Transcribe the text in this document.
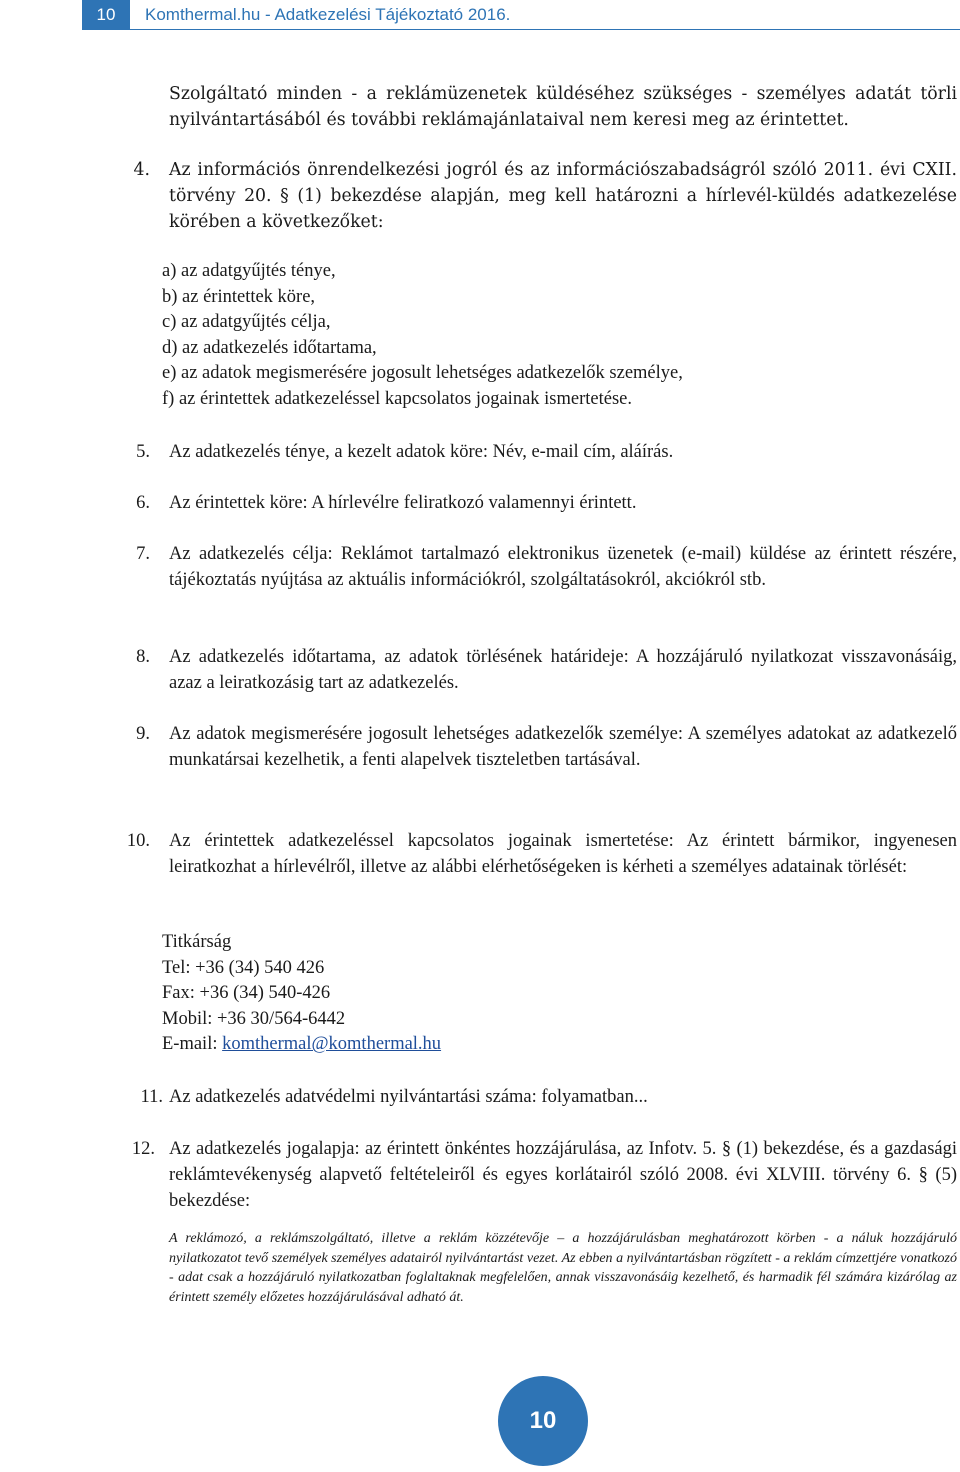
10	Komthermal.hu - Adatkezelési Tájékoztató 2016.
Szolgáltató minden - a reklámüzenetek küldéséhez szükséges - személyes adatát törli nyilvántartásából és további reklámajánlataival nem keresi meg az érintettet.
4. Az információs önrendelkezési jogról és az információszabadságról szóló 2011. évi CXII. törvény 20. § (1) bekezdése alapján, meg kell határozni a hírlevél-küldés adatkezelése körében a következőket:
a) az adatgyűjtés ténye,
b) az érintettek köre,
c) az adatgyűjtés célja,
d) az adatkezelés időtartama,
e) az adatok megismerésére jogosult lehetséges adatkezelők személye,
f) az érintettek adatkezeléssel kapcsolatos jogainak ismertetése.
5. Az adatkezelés ténye, a kezelt adatok köre: Név, e-mail cím, aláírás.
6. Az érintettek köre: A hírlevélre feliratkozó valamennyi érintett.
7. Az adatkezelés célja: Reklámot tartalmazó elektronikus üzenetek (e-mail) küldése az érintett részére, tájékoztatás nyújtása az aktuális információkról, szolgáltatásokról, akciókról stb.
8. Az adatkezelés időtartama, az adatok törlésének határideje: A hozzájáruló nyilatkozat visszavonásáig, azaz a leiratkozásig tart az adatkezelés.
9. Az adatok megismerésére jogosult lehetséges adatkezelők személye: A személyes adatokat az adatkezelő munkatársai kezelhetik, a fenti alapelvek tiszteletben tartásával.
10. Az érintettek adatkezeléssel kapcsolatos jogainak ismertetése: Az érintett bármikor, ingyenesen leiratkozhat a hírlevélről, illetve az alábbi elérhetőségeken is kérheti a személyes adatainak törlését:
Titkárság
Tel: +36 (34) 540 426
Fax: +36 (34) 540-426
Mobil: +36 30/564-6442
E-mail: komthermal@komthermal.hu
11. Az adatkezelés adatvédelmi nyilvántartási száma: folyamatban...
12. Az adatkezelés jogalapja: az érintett önkéntes hozzájárulása, az Infotv. 5. § (1) bekezdése, és a gazdasági reklámtevékenység alapvető feltételeiről és egyes korlátairól szóló 2008. évi XLVIII. törvény 6. § (5) bekezdése:
A reklámozó, a reklámszolgáltató, illetve a reklám közzétevője – a hozzájárulásban meghatározott körben - a náluk hozzájáruló nyilatkozatot tevő személyek személyes adatairól nyilvántartást vezet. Az ebben a nyilvántartásban rögzített - a reklám címzettjére vonatkozó - adat csak a hozzájáruló nyilatkozatban foglaltaknak megfelelően, annak visszavonásáig kezelhető, és harmadik fél számára kizárólag az érintett személy előzetes hozzájárulásával adható át.
10
